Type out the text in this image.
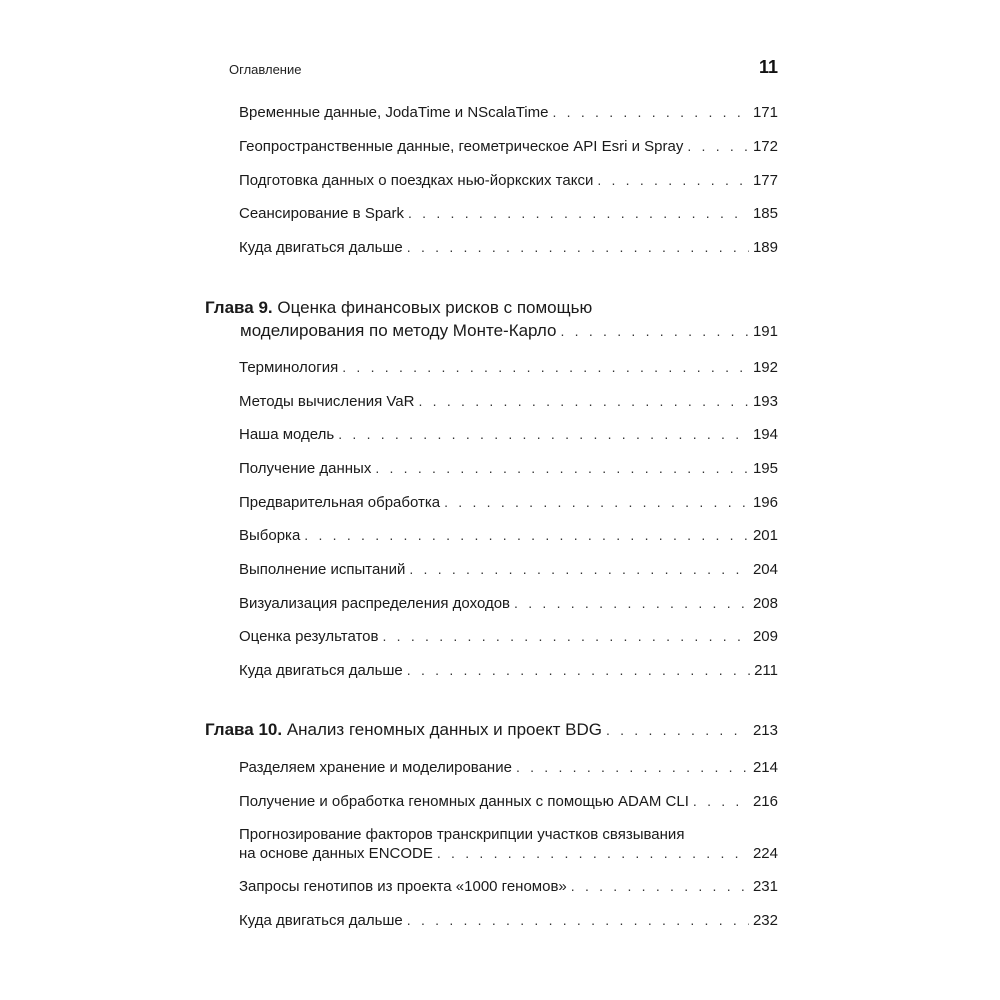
Оглавление	11
Временные данные, JodaTime и NScalaTime . . .	171
Геопространственные данные, геометрическое API Esri и Spray . . .	172
Подготовка данных о поездках нью-йоркских такси . . .	177
Сеансирование в Spark . . .	185
Куда двигаться дальше . . .	189
Глава 9. Оценка финансовых рисков с помощью
моделирования по методу Монте-Карло . . .	191
Терминология . . .	192
Методы вычисления VaR . . .	193
Наша модель . . .	194
Получение данных . . .	195
Предварительная обработка . . .	196
Выборка . . .	201
Выполнение испытаний . . .	204
Визуализация распределения доходов . . .	208
Оценка результатов . . .	209
Куда двигаться дальше . . .	211
Глава 10. Анализ геномных данных и проект BDG . . .	213
Разделяем хранение и моделирование . . .	214
Получение и обработка геномных данных с помощью ADAM CLI . . .	216
Прогнозирование факторов транскрипции участков связывания
на основе данных ENCODE . . .	224
Запросы генотипов из проекта «1000 геномов» . . .	231
Куда двигаться дальше . . .	232
